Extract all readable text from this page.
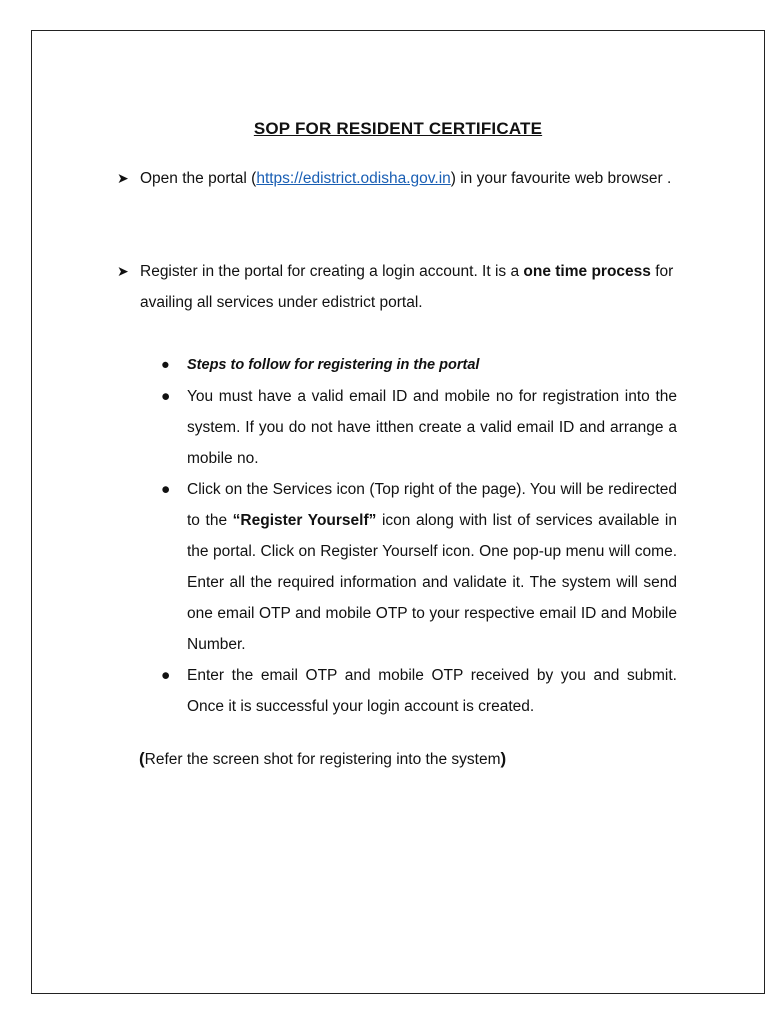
SOP FOR RESIDENT CERTIFICATE
➤ Open the portal (https://edistrict.odisha.gov.in) in your favourite web browser .
➤ Register in the portal for creating a login account. It is a one time process for availing all services under edistrict portal.
● Steps to follow for registering in the portal
● You must have a valid email ID and mobile no for registration into the system. If you do not have itthen create a valid email ID and arrange a mobile no.
● Click on the Services icon (Top right of the page). You will be redirected to the “Register Yourself” icon along with list of services available in the portal. Click on Register Yourself icon. One pop-up menu will come. Enter all the required information and validate it. The system will send one email OTP and mobile OTP to your respective email ID and Mobile Number.
● Enter the email OTP and mobile OTP received by you and submit. Once it is successful your login account is created.
(Refer the screen shot for registering into the system)
